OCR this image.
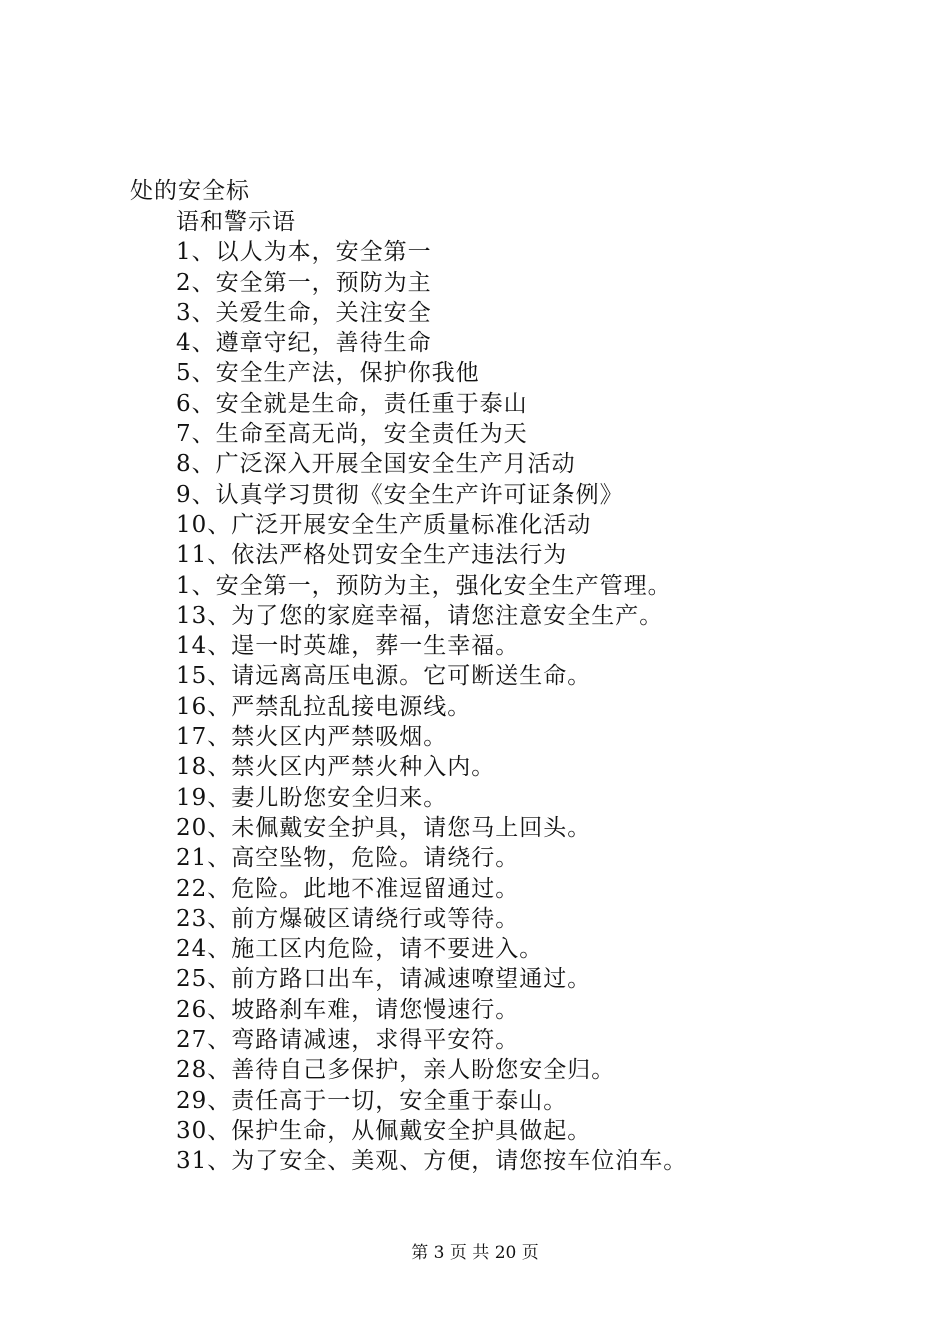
处的安全标
语和警示语
1、以人为本，安全第一
2、安全第一，预防为主
3、关爱生命，关注安全
4、遵章守纪，善待生命
5、安全生产法，保护你我他
6、安全就是生命，责任重于泰山
7、生命至高无尚，安全责任为天
8、广泛深入开展全国安全生产月活动
9、认真学习贯彻《安全生产许可证条例》
10、广泛开展安全生产质量标准化活动
11、依法严格处罚安全生产违法行为
1、安全第一，预防为主，强化安全生产管理。
13、为了您的家庭幸福，请您注意安全生产。
14、逞一时英雄，葬一生幸福。
15、请远离高压电源。它可断送生命。
16、严禁乱拉乱接电源线。
17、禁火区内严禁吸烟。
18、禁火区内严禁火种入内。
19、妻儿盼您安全归来。
20、未佩戴安全护具，请您马上回头。
21、高空坠物，危险。请绕行。
22、危险。此地不准逗留通过。
23、前方爆破区请绕行或等待。
24、施工区内危险，请不要进入。
25、前方路口出车，请减速嘹望通过。
26、坡路刹车难，请您慢速行。
27、弯路请减速，求得平安符。
28、善待自己多保护，亲人盼您安全归。
29、责任高于一切，安全重于泰山。
30、保护生命，从佩戴安全护具做起。
31、为了安全、美观、方便，请您按车位泊车。
第 3 页 共 20 页
